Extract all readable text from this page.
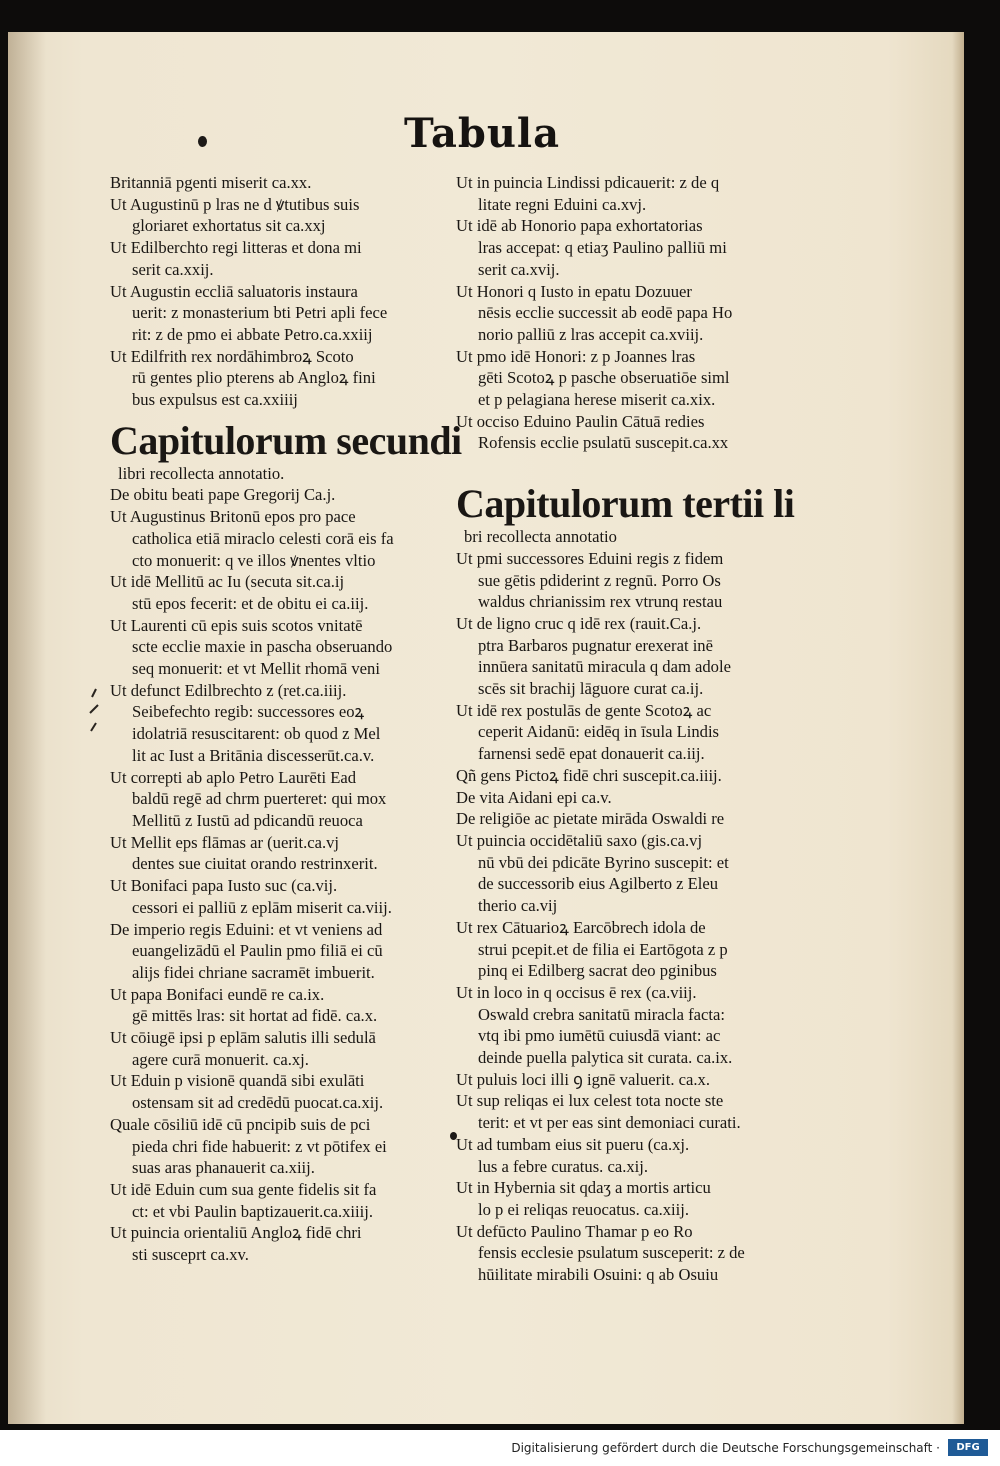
Tabula

Britanniā pgenti miserit ca.xx.

Ut Augustinū p lras ne d ꝟtutibus suis

gloriaret exhortatus sit ca.xxj

Ut Edilberchto regi litteras et dona mi

serit ca.xxij.

Ut Augustin eccliā saluatoris instaura

uerit: z monasterium bti Petri apli fece

rit: z de pmo ei abbate Petro.ca.xxiij

Ut Edilfrith rex nordāhimbroꝝ Scoto

rū gentes plio pterens ab Angloꝝ fini

bus expulsus est ca.xxiiij

Capitulorum secundi
libri recollecta annotatio.

De obitu beati pape Gregorij Ca.j.

Ut Augustinus Britonū epos pro pace

catholica etiā miraclo celesti corā eis fa

cto monuerit: q ve illos ꝟnentes vltio

Ut idē Mellitū ac Iu (secuta sit.ca.ij

stū epos fecerit: et de obitu ei ca.iij.

Ut Laurenti cū epis suis scotos vnitatē

scte ecclie maxie in pascha obseruando

seq monuerit: et vt Mellit rhomā veni

Ut defunct Edilbrechto z (ret.ca.iiij.

Seibefechto regib: successores eoꝝ

idolatriā resuscitarent: ob quod z Mel

lit ac Iust a Britānia discesserūt.ca.v.

Ut correpti ab aplo Petro Laurēti Ead

baldū regē ad chrm puerteret: qui mox

Mellitū z Iustū ad pdicandū reuoca

Ut Mellit eps flāmas ar (uerit.ca.vj

dentes sue ciuitat orando restrinxerit.

Ut Bonifaci papa Iusto suc (ca.vij.

cessori ei palliū z eplām miserit ca.viij.

De imperio regis Eduini: et vt veniens ad

euangelizādū el Paulin pmo filiā ei cū

alijs fidei chriane sacramēt imbuerit.

Ut papa Bonifaci eundē re ca.ix.

gē mittēs lras: sit hortat ad fidē. ca.x.

Ut cōiugē ipsi p eplām salutis illi sedulā

agere curā monuerit. ca.xj.

Ut Eduin p visionē quandā sibi exulāti

ostensam sit ad credēdū puocat.ca.xij.

Quale cōsiliū idē cū pncipib suis de pci

pieda chri fide habuerit: z vt pōtifex ei

suas aras phanauerit ca.xiij.

Ut idē Eduin cum sua gente fidelis sit fa

ct: et vbi Paulin baptizauerit.ca.xiiij.

Ut puincia orientaliū Angloꝝ fidē chri

sti susceprt ca.xv.

Ut in puincia Lindissi pdicauerit: z de q

litate regni Eduini ca.xvj.

Ut idē ab Honorio papa exhortatorias

lras accepat: q etiaʒ Paulino palliū mi

serit ca.xvij.

Ut Honori q Iusto in epatu Dozuuer

nēsis ecclie successit ab eodē papa Ho

norio palliū z lras accepit ca.xviij.

Ut pmo idē Honori: z p Joannes lras

gēti Scotoꝝ p pasche obseruatiōe siml

et p pelagiana herese miserit ca.xix.

Ut occiso Eduino Paulin Cātuā redies

Rofensis ecclie psulatū suscepit.ca.xx

Capitulorum tertii li
bri recollecta annotatio

Ut pmi successores Eduini regis z fidem

sue gētis pdiderint z regnū. Porro Os

waldus chrianissim rex vtrunq restau

Ut de ligno cruc q idē rex (rauit.Ca.j.

ptra Barbaros pugnatur erexerat inē

innūera sanitatū miracula q dam adole

scēs sit brachij lāguore curat ca.ij.

Ut idē rex postulās de gente Scotoꝝ ac

ceperit Aidanū: eidēq in īsula Lindis

farnensi sedē epat donauerit ca.iij.

Qñ gens Pictoꝝ fidē chri suscepit.ca.iiij.

De vita Aidani epi ca.v.

De religiōe ac pietate mirāda Oswaldi re

Ut puincia occidētaliū saxo (gis.ca.vj

nū vbū dei pdicāte Byrino suscepit: et

de successorib eius Agilberto z Eleu

therio ca.vij

Ut rex Cātuarioꝝ Earcōbrech idola de

strui pcepit.et de filia ei Eartōgota z p

pinq ei Edilberg sacrat deo pginibus

Ut in loco in q occisus ē rex (ca.viij.

Oswald crebra sanitatū miracla facta:

vtq ibi pmo iumētū cuiusdā viant: ac

deinde puella palytica sit curata. ca.ix.

Ut puluis loci illi ꝯ ignē valuerit. ca.x.

Ut sup reliqas ei lux celest tota nocte ste

terit: et vt per eas sint demoniaci curati.

Ut ad tumbam eius sit pueru (ca.xj.

lus a febre curatus. ca.xij.

Ut in Hybernia sit qdaʒ a mortis articu

lo p ei reliqas reuocatus. ca.xiij.

Ut defūcto Paulino Thamar p eo Ro

fensis ecclesie psulatum susceperit: z de

hūilitate mirabili Osuini: q ab Osuiu

Digitalisierung gefördert durch die Deutsche Forschungsgemeinschaft ·	DFG
